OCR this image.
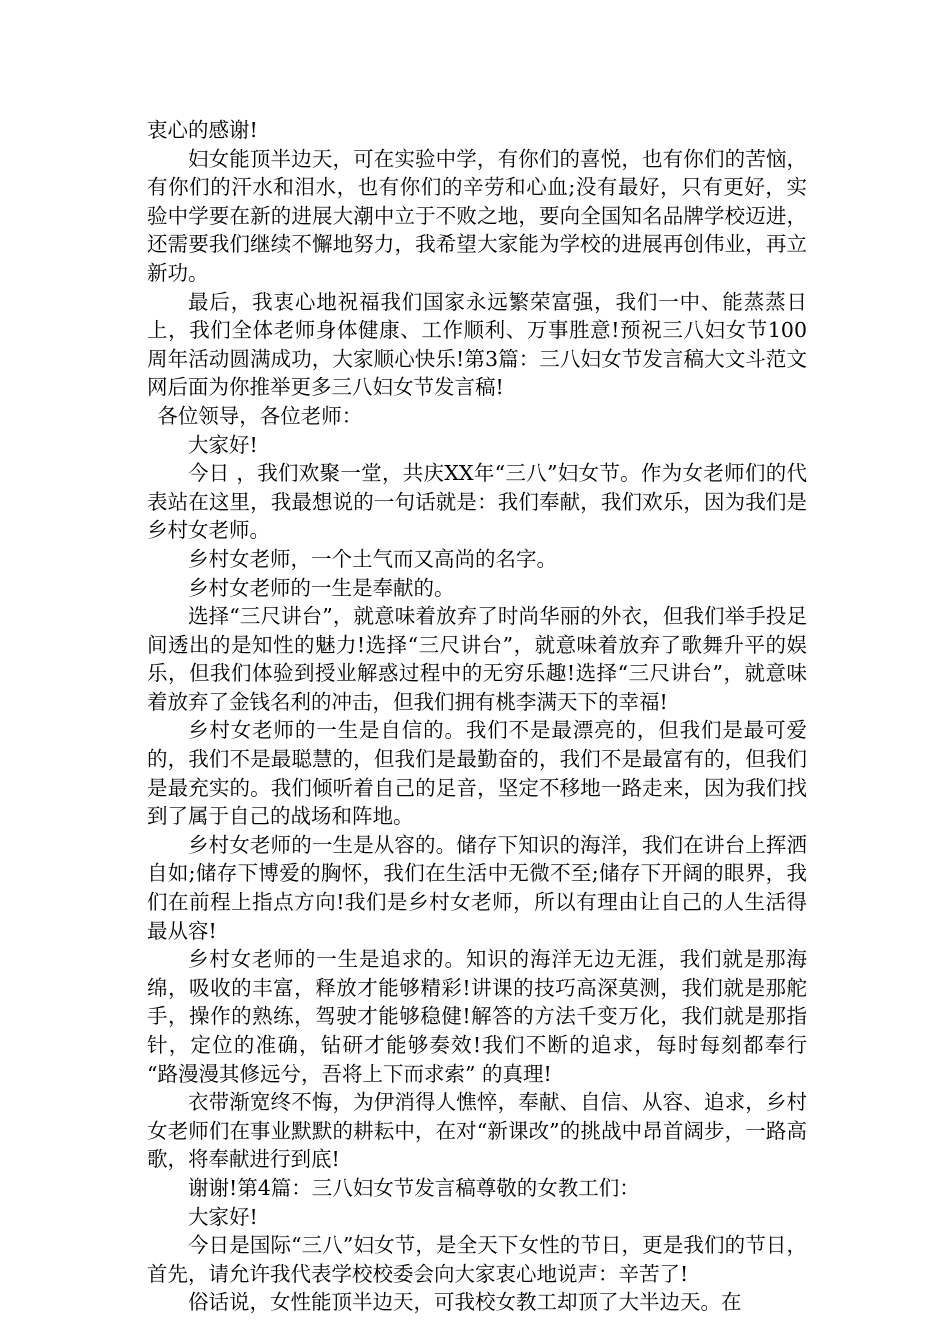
衷心的感谢!

妇女能顶半边天，可在实验中学，有你们的喜悦，也有你们的苦恼，有你们的汗水和泪水，也有你们的辛劳和心血;没有最好，只有更好，实验中学要在新的进展大潮中立于不败之地，要向全国知名品牌学校迈进，还需要我们继续不懈地努力，我希望大家能为学校的进展再创伟业，再立新功。

最后，我衷心地祝福我们国家永远繁荣富强，我们一中、能蒸蒸日上，我们全体老师身体健康、工作顺利、万事胜意!预祝三八妇女节100周年活动圆满成功，大家顺心快乐!第3篇：三八妇女节发言稿大文斗范文网后面为你推举更多三八妇女节发言稿!

各位领导，各位老师：

大家好!

今日 ，我们欢聚一堂，共庆XX年“三八”妇女节。作为女老师们的代表站在这里，我最想说的一句话就是：我们奉献，我们欢乐，因为我们是乡村女老师。

乡村女老师，一个土气而又高尚的名字。

乡村女老师的一生是奉献的。

选择“三尺讲台”，就意味着放弃了时尚华丽的外衣，但我们举手投足间透出的是知性的魅力!选择“三尺讲台”，就意味着放弃了歌舞升平的娱乐，但我们体验到授业解惑过程中的无穷乐趣!选择“三尺讲台”，就意味着放弃了金钱名利的冲击，但我们拥有桃李满天下的幸福!

乡村女老师的一生是自信的。我们不是最漂亮的，但我们是最可爱的，我们不是最聪慧的，但我们是最勤奋的，我们不是最富有的，但我们是最充实的。我们倾听着自己的足音，坚定不移地一路走来，因为我们找到了属于自己的战场和阵地。

乡村女老师的一生是从容的。储存下知识的海洋，我们在讲台上挥洒自如;储存下博爱的胸怀，我们在生活中无微不至;储存下开阔的眼界，我们在前程上指点方向!我们是乡村女老师，所以有理由让自己的人生活得最从容!

乡村女老师的一生是追求的。知识的海洋无边无涯，我们就是那海绵，吸收的丰富，释放才能够精彩!讲课的技巧高深莫测，我们就是那舵手，操作的熟练，驾驶才能够稳健!解答的方法千变万化，我们就是那指针，定位的准确，钻研才能够奏效!我们不断的追求，每时每刻都奉行 “路漫漫其修远兮，吾将上下而求索” 的真理!

衣带渐宽终不悔，为伊消得人憔悴，奉献、自信、从容、追求，乡村女老师们在事业默默的耕耘中，在对“新课改”的挑战中昂首阔步，一路高歌，将奉献进行到底!

谢谢!第4篇：三八妇女节发言稿尊敬的女教工们：

大家好!

今日是国际“三八”妇女节，是全天下女性的节日，更是我们的节日，首先，请允许我代表学校校委会向大家衷心地说声：辛苦了!

俗话说，女性能顶半边天，可我校女教工却顶了大半边天。在
